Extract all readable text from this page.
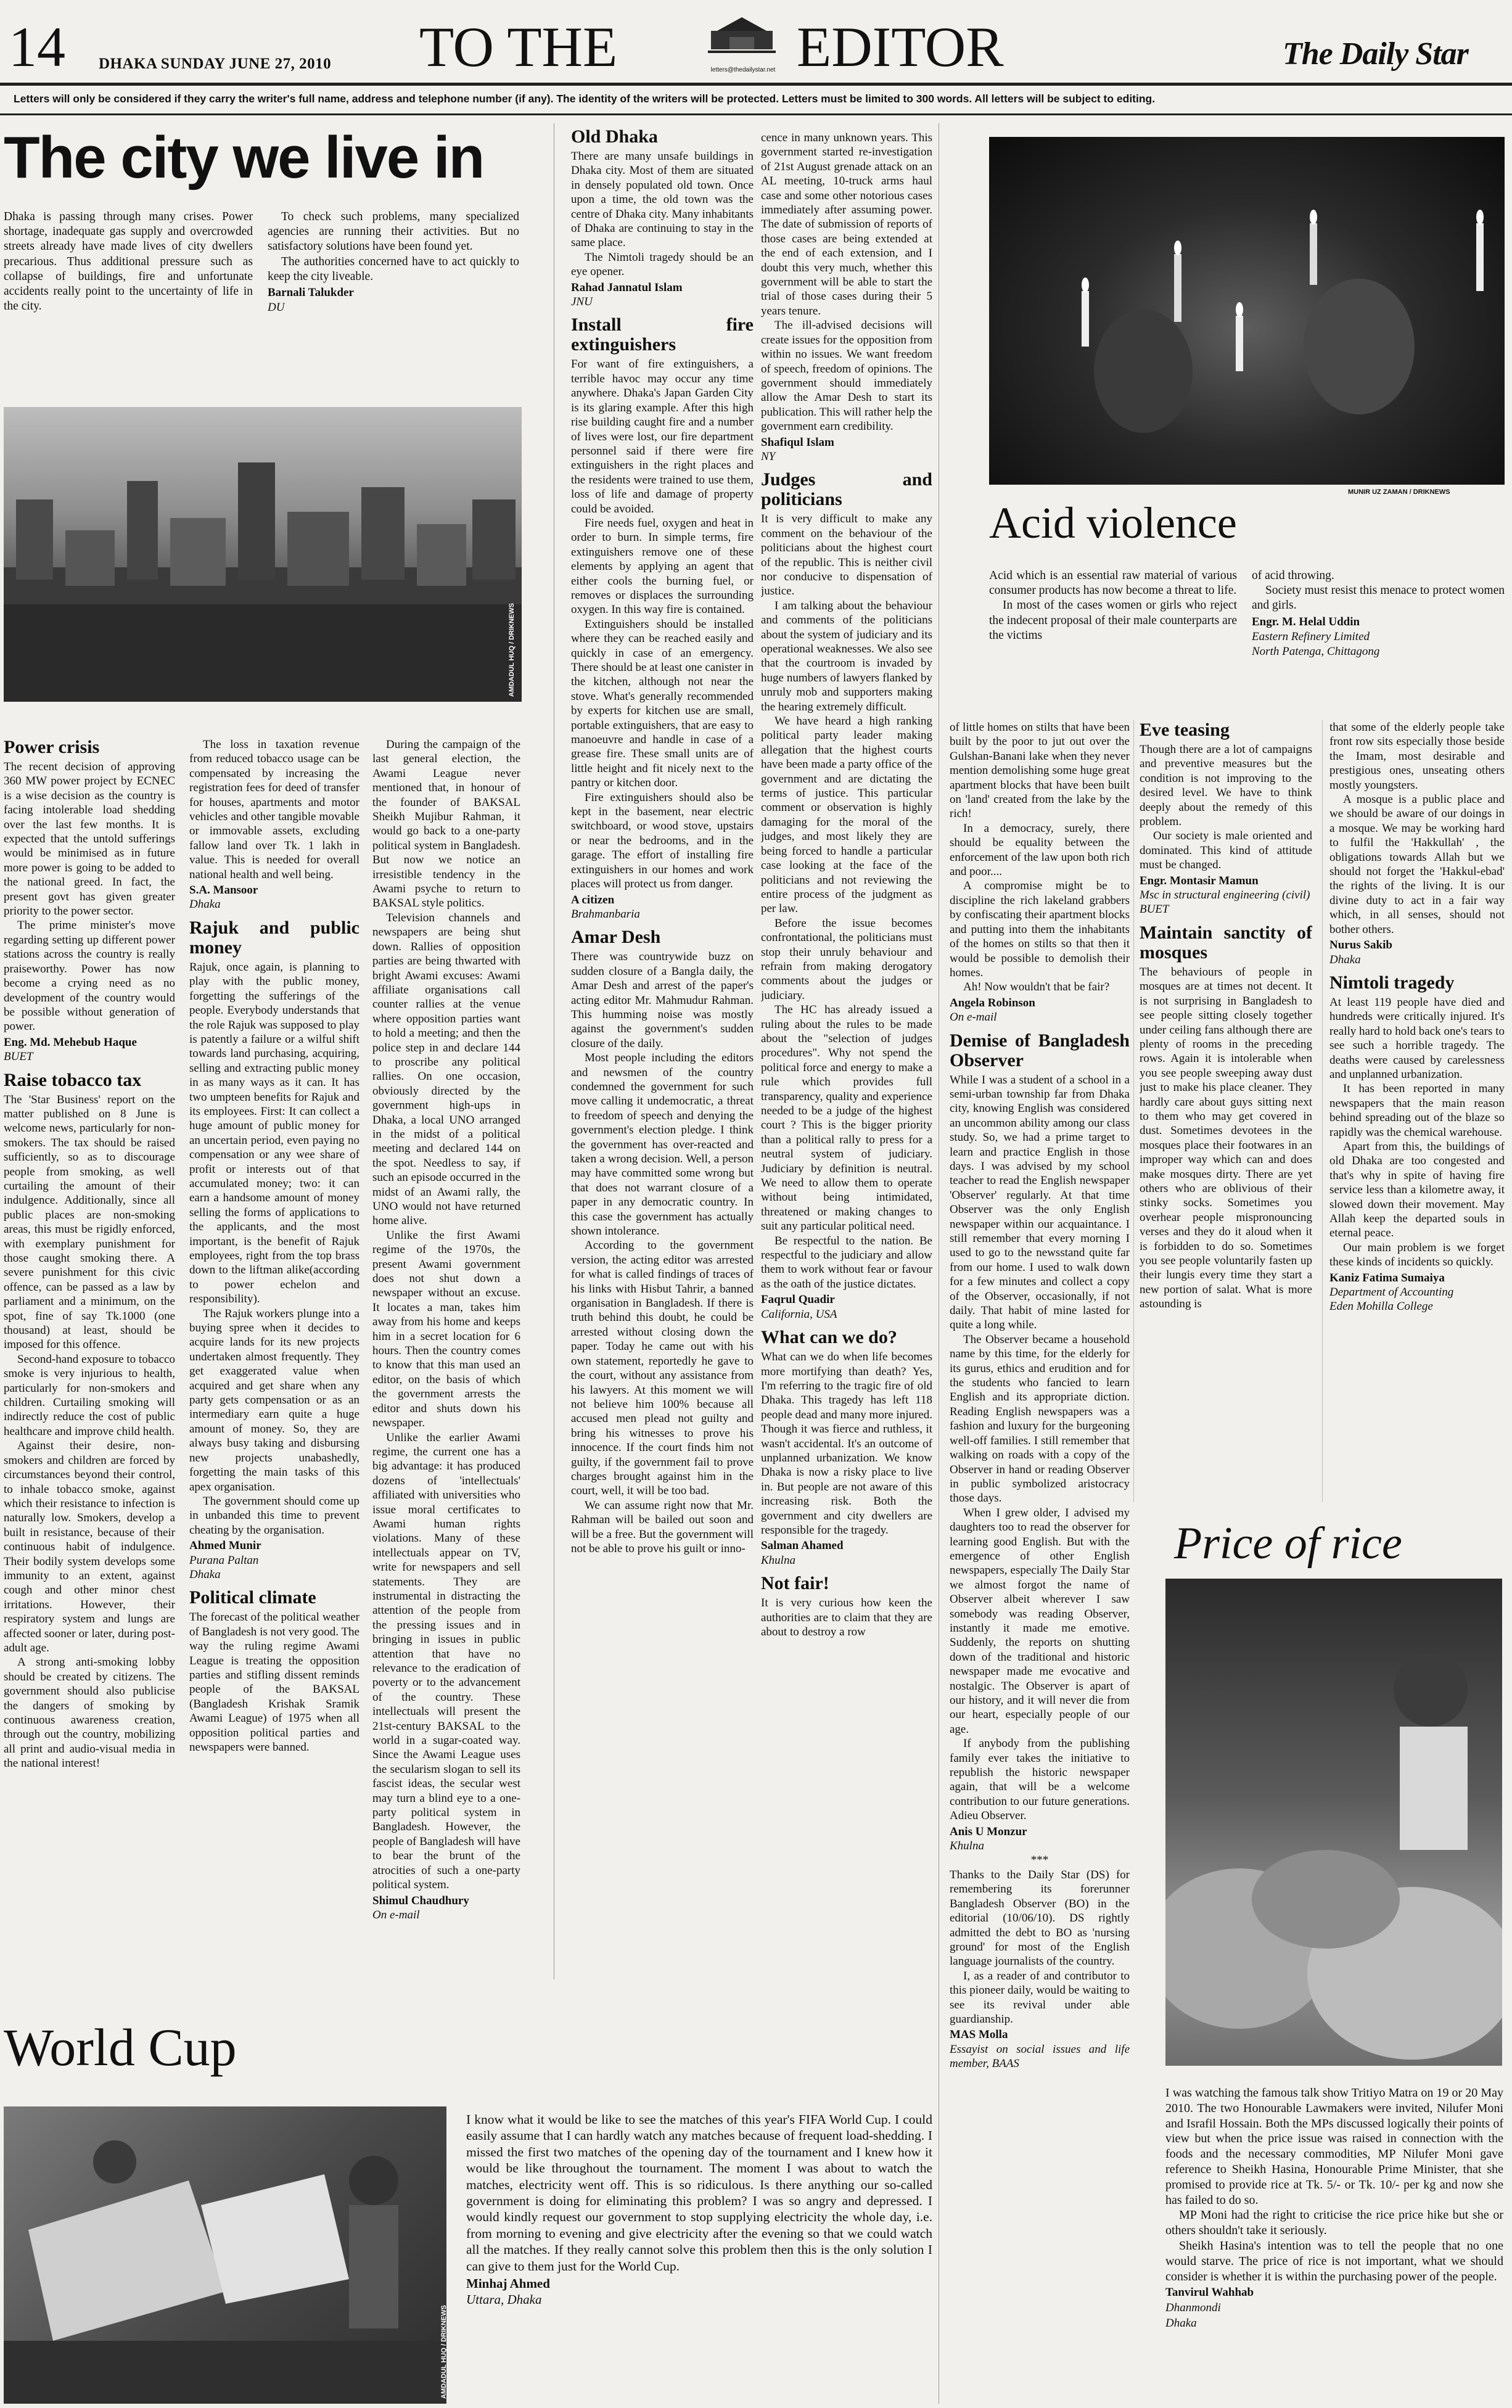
14 DHAKA SUNDAY JUNE 27, 2010 TO THE	letters@thedailystar.net EDITOR	The Daily Star
Letters will only be considered if they carry the writer's full name, address and telephone number (if any). The identity of the writers will be protected. Letters must be limited to 300 words. All letters will be subject to editing.
The city we live in

Dhaka is passing through many crises. Power shortage, inadequate gas supply and overcrowded streets already have made lives of city dwellers precarious. Thus additional pressure such as collapse of buildings, fire and unfortunate accidents really point to the uncertainty of life in the city.

To check such problems, many specialized agencies are running their activities. But no satisfactory solutions have been found yet.

The authorities concerned have to act quickly to keep the city liveable.

Barnali Talukder

DU

AMDADUL HUQ / DRIKNEWS
Power crisis

The recent decision of approving 360 MW power project by ECNEC is a wise decision as the country is facing intolerable load shedding over the last few months. It is expected that the untold sufferings would be minimised as in future more power is going to be added to the national greed. In fact, the present govt has given greater priority to the power sector.

The prime minister's move regarding setting up different power stations across the country is really praiseworthy. Power has now become a crying need as no development of the country would be possible without generation of power.

Eng. Md. Mehebub Haque

BUET

Raise tobacco tax

The 'Star Business' report on the matter published on 8 June is welcome news, particularly for non-smokers. The tax should be raised sufficiently, so as to discourage people from smoking, as well curtailing the amount of their indulgence. Additionally, since all public places are non-smoking areas, this must be rigidly enforced, with exemplary punishment for those caught smoking there. A severe punishment for this civic offence, can be passed as a law by parliament and a minimum, on the spot, fine of say Tk.1000 (one thousand) at least, should be imposed for this offence.

Second-hand exposure to tobacco smoke is very injurious to health, particularly for non-smokers and children. Curtailing smoking will indirectly reduce the cost of public healthcare and improve child health.

Against their desire, non-smokers and children are forced by circumstances beyond their control, to inhale tobacco smoke, against which their resistance to infection is naturally low. Smokers, develop a built in resistance, because of their continuous habit of indulgence. Their bodily system develops some immunity to an extent, against cough and other minor chest irritations. However, their respiratory system and lungs are affected sooner or later, during post-adult age.

A strong anti-smoking lobby should be created by citizens. The government should also publicise the dangers of smoking by continuous awareness creation, through out the country, mobilizing all print and audio-visual media in the national interest!

The loss in taxation revenue from reduced tobacco usage can be compensated by increasing the registration fees for deed of transfer for houses, apartments and motor vehicles and other tangible movable or immovable assets, excluding fallow land over Tk. 1 lakh in value. This is needed for overall national health and well being.

S.A. Mansoor

Dhaka

Rajuk and public money

Rajuk, once again, is planning to play with the public money, forgetting the sufferings of the people. Everybody understands that the role Rajuk was supposed to play is patently a failure or a wilful shift towards land purchasing, acquiring, selling and extracting public money in as many ways as it can. It has two umpteen benefits for Rajuk and its employees. First: It can collect a huge amount of public money for an uncertain period, even paying no compensation or any wee share of profit or interests out of that accumulated money; two: it can earn a handsome amount of money selling the forms of applications to the applicants, and the most important, is the benefit of Rajuk employees, right from the top brass down to the liftman alike(according to power echelon and responsibility).

The Rajuk workers plunge into a buying spree when it decides to acquire lands for its new projects undertaken almost frequently. They get exaggerated value when acquired and get share when any party gets compensation or as an intermediary earn quite a huge amount of money. So, they are always busy taking and disbursing new projects unabashedly, forgetting the main tasks of this apex organisation.

The government should come up in unbanded this time to prevent cheating by the organisation.

Ahmed Munir

Purana Paltan

Dhaka

Political climate

The forecast of the political weather of Bangladesh is not very good. The way the ruling regime Awami League is treating the opposition parties and stifling dissent reminds people of the BAKSAL (Bangladesh Krishak Sramik Awami League) of 1975 when all opposition political parties and newspapers were banned.

During the campaign of the last general election, the Awami League never mentioned that, in honour of the founder of BAKSAL Sheikh Mujibur Rahman, it would go back to a one-party political system in Bangladesh. But now we notice an irresistible tendency in the Awami psyche to return to BAKSAL style politics.

Television channels and newspapers are being shut down. Rallies of opposition parties are being thwarted with bright Awami excuses: Awami affiliate organisations call counter rallies at the venue where opposition parties want to hold a meeting; and then the police step in and declare 144 to proscribe any political rallies. On one occasion, obviously directed by the government high-ups in Dhaka, a local UNO arranged in the midst of a political meeting and declared 144 on the spot. Needless to say, if such an episode occurred in the midst of an Awami rally, the UNO would not have returned home alive.

Unlike the first Awami regime of the 1970s, the present Awami government does not shut down a newspaper without an excuse. It locates a man, takes him away from his home and keeps him in a secret location for 6 hours. Then the country comes to know that this man used an editor, on the basis of which the government arrests the editor and shuts down his newspaper.

Unlike the earlier Awami regime, the current one has a big advantage: it has produced dozens of 'intellectuals' affiliated with universities who issue moral certificates to Awami human rights violations. Many of these intellectuals appear on TV, write for newspapers and sell statements. They are instrumental in distracting the attention of the people from the pressing issues and in bringing in issues in public attention that have no relevance to the eradication of poverty or to the advancement of the country. These intellectuals will present the 21st-century BAKSAL to the world in a sugar-coated way. Since the Awami League uses the secularism slogan to sell its fascist ideas, the secular west may turn a blind eye to a one-party political system in Bangladesh. However, the people of Bangladesh will have to bear the brunt of the atrocities of such a one-party political system.

Shimul Chaudhury

On e-mail

Old Dhaka

There are many unsafe buildings in Dhaka city. Most of them are situated in densely populated old town. Once upon a time, the old town was the centre of Dhaka city. Many inhabitants of Dhaka are continuing to stay in the same place.

The Nimtoli tragedy should be an eye opener.

Rahad Jannatul Islam

JNU

Install fire extinguishers

For want of fire extinguishers, a terrible havoc may occur any time anywhere. Dhaka's Japan Garden City is its glaring example. After this high rise building caught fire and a number of lives were lost, our fire department personnel said if there were fire extinguishers in the right places and the residents were trained to use them, loss of life and damage of property could be avoided.

Fire needs fuel, oxygen and heat in order to burn. In simple terms, fire extinguishers remove one of these elements by applying an agent that either cools the burning fuel, or removes or displaces the surrounding oxygen. In this way fire is contained.

Extinguishers should be installed where they can be reached easily and quickly in case of an emergency. There should be at least one canister in the kitchen, although not near the stove. What's generally recommended by experts for kitchen use are small, portable extinguishers, that are easy to manoeuvre and handle in case of a grease fire. These small units are of little height and fit nicely next to the pantry or kitchen door.

Fire extinguishers should also be kept in the basement, near electric switchboard, or wood stove, upstairs or near the bedrooms, and in the garage. The effort of installing fire extinguishers in our homes and work places will protect us from danger.

A citizen

Brahmanbaria

Amar Desh

There was countrywide buzz on sudden closure of a Bangla daily, the Amar Desh and arrest of the paper's acting editor Mr. Mahmudur Rahman. This humming noise was mostly against the government's sudden closure of the daily.

Most people including the editors and newsmen of the country condemned the government for such move calling it undemocratic, a threat to freedom of speech and denying the government's election pledge. I think the government has over-reacted and taken a wrong decision. Well, a person may have committed some wrong but that does not warrant closure of a paper in any democratic country. In this case the government has actually shown intolerance.

According to the government version, the acting editor was arrested for what is called findings of traces of his links with Hisbut Tahrir, a banned organisation in Bangladesh. If there is truth behind this doubt, he could be arrested without closing down the paper. Today he came out with his own statement, reportedly he gave to the court, without any assistance from his lawyers. At this moment we will not believe him 100% because all accused men plead not guilty and bring his witnesses to prove his innocence. If the court finds him not guilty, if the government fail to prove charges brought against him in the court, well, it will be too bad.

We can assume right now that Mr. Rahman will be bailed out soon and will be a free. But the government will not be able to prove his guilt or inno-

cence in many unknown years. This government started re-investigation of 21st August grenade attack on an AL meeting, 10-truck arms haul case and some other notorious cases immediately after assuming power. The date of submission of reports of those cases are being extended at the end of each extension, and I doubt this very much, whether this government will be able to start the trial of those cases during their 5 years tenure.

The ill-advised decisions will create issues for the opposition from within no issues. We want freedom of speech, freedom of opinions. The government should immediately allow the Amar Desh to start its publication. This will rather help the government earn credibility.

Shafiqul Islam

NY

Judges and politicians

It is very difficult to make any comment on the behaviour of the politicians about the highest court of the republic. This is neither civil nor conducive to dispensation of justice.

I am talking about the behaviour and comments of the politicians about the system of judiciary and its operational weaknesses. We also see that the courtroom is invaded by huge numbers of lawyers flanked by unruly mob and supporters making the hearing extremely difficult.

We have heard a high ranking political party leader making allegation that the highest courts have been made a party office of the government and are dictating the terms of justice. This particular comment or observation is highly damaging for the moral of the judges, and most likely they are being forced to handle a particular case looking at the face of the politicians and not reviewing the entire process of the judgment as per law.

Before the issue becomes confrontational, the politicians must stop their unruly behaviour and refrain from making derogatory comments about the judges or judiciary.

The HC has already issued a ruling about the rules to be made about the "selection of judges procedures". Why not spend the political force and energy to make a rule which provides full transparency, quality and experience needed to be a judge of the highest court ? This is the bigger priority than a political rally to press for a neutral system of judiciary. Judiciary by definition is neutral. We need to allow them to operate without being intimidated, threatened or making changes to suit any particular political need.

Be respectful to the nation. Be respectful to the judiciary and allow them to work without fear or favour as the oath of the justice dictates.

Faqrul Quadir

California, USA

What can we do?

What can we do when life becomes more mortifying than death? Yes, I'm referring to the tragic fire of old Dhaka. This tragedy has left 118 people dead and many more injured. Though it was fierce and ruthless, it wasn't accidental. It's an outcome of unplanned urbanization. We know Dhaka is now a risky place to live in. But people are not aware of this increasing risk. Both the government and city dwellers are responsible for the tragedy.

Salman Ahamed

Khulna

Not fair!

It is very curious how keen the authorities are to claim that they are about to destroy a row

MUNIR UZ ZAMAN / DRIKNEWS
Acid violence

Acid which is an essential raw material of various consumer products has now become a threat to life.

In most of the cases women or girls who reject the indecent proposal of their male counterparts are the victims

of acid throwing.

Society must resist this menace to protect women and girls.

Engr. M. Helal Uddin

Eastern Refinery Limited

North Patenga, Chittagong

of little homes on stilts that have been built by the poor to jut out over the Gulshan-Banani lake when they never mention demolishing some huge great apartment blocks that have been built on 'land' created from the lake by the rich!

In a democracy, surely, there should be equality between the enforcement of the law upon both rich and poor....

A compromise might be to discipline the rich lakeland grabbers by confiscating their apartment blocks and putting into them the inhabitants of the homes on stilts so that then it would be possible to demolish their homes.

Ah! Now wouldn't that be fair?

Angela Robinson

On e-mail

Demise of Bangladesh Observer

While I was a student of a school in a semi-urban township far from Dhaka city, knowing English was considered an uncommon ability among our class study. So, we had a prime target to learn and practice English in those days. I was advised by my school teacher to read the English newspaper 'Observer' regularly. At that time Observer was the only English newspaper within our acquaintance. I still remember that every morning I used to go to the newsstand quite far from our home. I used to walk down for a few minutes and collect a copy of the Observer, occasionally, if not daily. That habit of mine lasted for quite a long while.

The Observer became a household name by this time, for the elderly for its gurus, ethics and erudition and for the students who fancied to learn English and its appropriate diction. Reading English newspapers was a fashion and luxury for the burgeoning well-off families. I still remember that walking on roads with a copy of the Observer in hand or reading Observer in public symbolized aristocracy those days.

When I grew older, I advised my daughters too to read the observer for learning good English. But with the emergence of other English newspapers, especially The Daily Star we almost forgot the name of Observer albeit wherever I saw somebody was reading Observer, instantly it made me emotive. Suddenly, the reports on shutting down of the traditional and historic newspaper made me evocative and nostalgic. The Observer is apart of our history, and it will never die from our heart, especially people of our age.

If anybody from the publishing family ever takes the initiative to republish the historic newspaper again, that will be a welcome contribution to our future generations. Adieu Observer.

Anis U Monzur

Khulna

***

Thanks to the Daily Star (DS) for remembering its forerunner Bangladesh Observer (BO) in the editorial (10/06/10). DS rightly admitted the debt to BO as 'nursing ground' for most of the English language journalists of the country.

I, as a reader of and contributor to this pioneer daily, would be waiting to see its revival under able guardianship.

MAS Molla

Essayist on social issues and life member, BAAS

Eve teasing

Though there are a lot of campaigns and preventive measures but the condition is not improving to the desired level. We have to think deeply about the remedy of this problem.

Our society is male oriented and dominated. This kind of attitude must be changed.

Engr. Montasir Mamun

Msc in structural engineering (civil)

BUET

Maintain sanctity of mosques

The behaviours of people in mosques are at times not decent. It is not surprising in Bangladesh to see people sitting closely together under ceiling fans although there are plenty of rooms in the preceding rows. Again it is intolerable when you see people sweeping away dust just to make his place cleaner. They hardly care about guys sitting next to them who may get covered in dust. Sometimes devotees in the mosques place their footwares in an improper way which can and does make mosques dirty. There are yet others who are oblivious of their stinky socks. Sometimes you overhear people mispronouncing verses and they do it aloud when it is forbidden to do so. Sometimes you see people voluntarily fasten up their lungis every time they start a new portion of salat. What is more astounding is

that some of the elderly people take front row sits especially those beside the Imam, most desirable and prestigious ones, unseating others mostly youngsters.

A mosque is a public place and we should be aware of our doings in a mosque. We may be working hard to fulfil the 'Hakkullah' , the obligations towards Allah but we should not forget the 'Hakkul-ebad' the rights of the living. It is our divine duty to act in a fair way which, in all senses, should not bother others.

Nurus Sakib

Dhaka

Nimtoli tragedy

At least 119 people have died and hundreds were critically injured. It's really hard to hold back one's tears to see such a horrible tragedy. The deaths were caused by carelessness and unplanned urbanization.

It has been reported in many newspapers that the main reason behind spreading out of the blaze so rapidly was the chemical warehouse.

Apart from this, the buildings of old Dhaka are too congested and that's why in spite of having fire service less than a kilometre away, it slowed down their movement. May Allah keep the departed souls in eternal peace.

Our main problem is we forget these kinds of incidents so quickly.

Kaniz Fatima Sumaiya

Department of Accounting

Eden Mohilla College

Price of rice

I was watching the famous talk show Tritiyo Matra on 19 or 20 May 2010. The two Honourable Lawmakers were invited, Nilufer Moni and Israfil Hossain. Both the MPs discussed logically their points of view but when the price issue was raised in connection with the foods and the necessary commodities, MP Nilufer Moni gave reference to Sheikh Hasina, Honourable Prime Minister, that she promised to provide rice at Tk. 5/- or Tk. 10/- per kg and now she has failed to do so.

MP Moni had the right to criticise the rice price hike but she or others shouldn't take it seriously.

Sheikh Hasina's intention was to tell the people that no one would starve. The price of rice is not important, what we should consider is whether it is within the purchasing power of the people.

Tanvirul Wahhab

Dhanmondi

Dhaka

World Cup
AMDADUL HUQ / DRIKNEWS

I know what it would be like to see the matches of this year's FIFA World Cup. I could easily assume that I can hardly watch any matches because of frequent load-shedding. I missed the first two matches of the opening day of the tournament and I knew how it would be like throughout the tournament. The moment I was about to watch the matches, electricity went off. This is so ridiculous. Is there anything our so-called government is doing for eliminating this problem? I was so angry and depressed. I would kindly request our government to stop supplying electricity the whole day, i.e. from morning to evening and give electricity after the evening so that we could watch all the matches. If they really cannot solve this problem then this is the only solution I can give to them just for the World Cup.

Minhaj Ahmed

Uttara, Dhaka
